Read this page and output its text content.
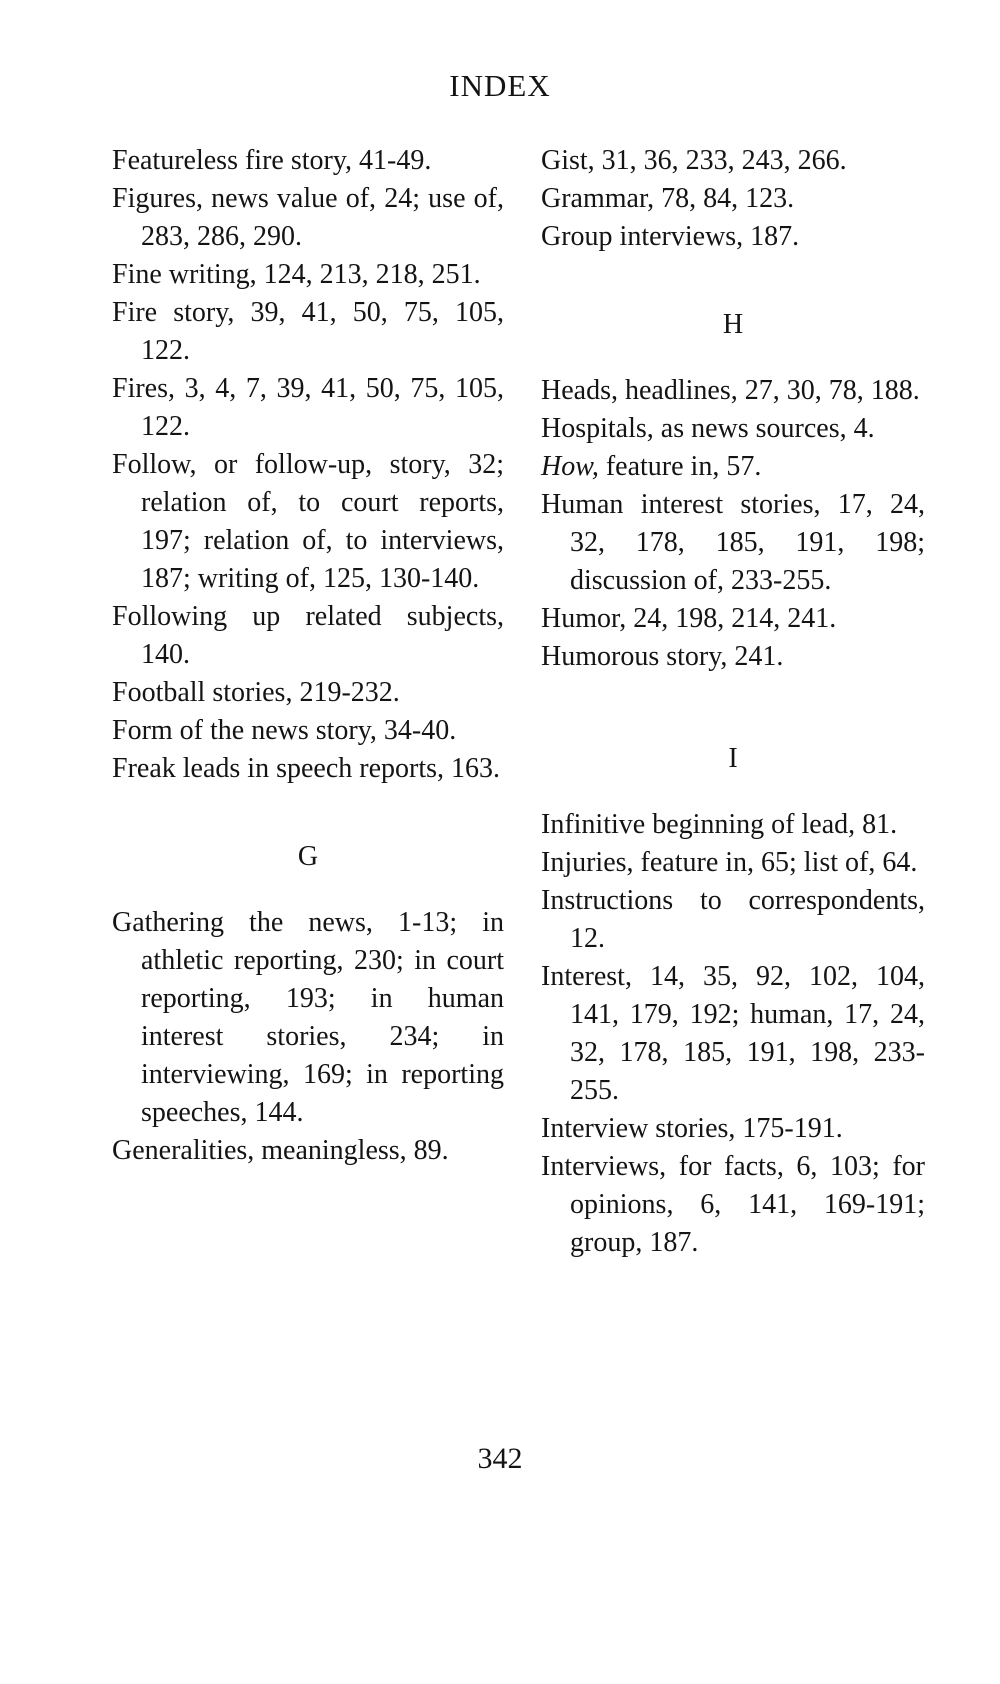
INDEX

Featureless fire story, 41-49.

Figures, news value of, 24; use of, 283, 286, 290.

Fine writing, 124, 213, 218, 251.

Fire story, 39, 41, 50, 75, 105, 122.

Fires, 3, 4, 7, 39, 41, 50, 75, 105, 122.

Follow, or follow-up, story, 32; relation of, to court reports, 197; relation of, to interviews, 187; writing of, 125, 130-140.

Following up related subjects, 140.

Football stories, 219-232.

Form of the news story, 34-40.

Freak leads in speech reports, 163.

G

Gathering the news, 1-13; in athletic reporting, 230; in court reporting, 193; in human interest stories, 234; in interviewing, 169; in reporting speeches, 144.

Generalities, meaningless, 89.

Gist, 31, 36, 233, 243, 266.

Grammar, 78, 84, 123.

Group interviews, 187.

H

Heads, headlines, 27, 30, 78, 188.

Hospitals, as news sources, 4.

How, feature in, 57.

Human interest stories, 17, 24, 32, 178, 185, 191, 198; discussion of, 233-255.

Humor, 24, 198, 214, 241.

Humorous story, 241.

I

Infinitive beginning of lead, 81.

Injuries, feature in, 65; list of, 64.

Instructions to correspondents, 12.

Interest, 14, 35, 92, 102, 104, 141, 179, 192; human, 17, 24, 32, 178, 185, 191, 198, 233-255.

Interview stories, 175-191.

Interviews, for facts, 6, 103; for opinions, 6, 141, 169-191; group, 187.

342
